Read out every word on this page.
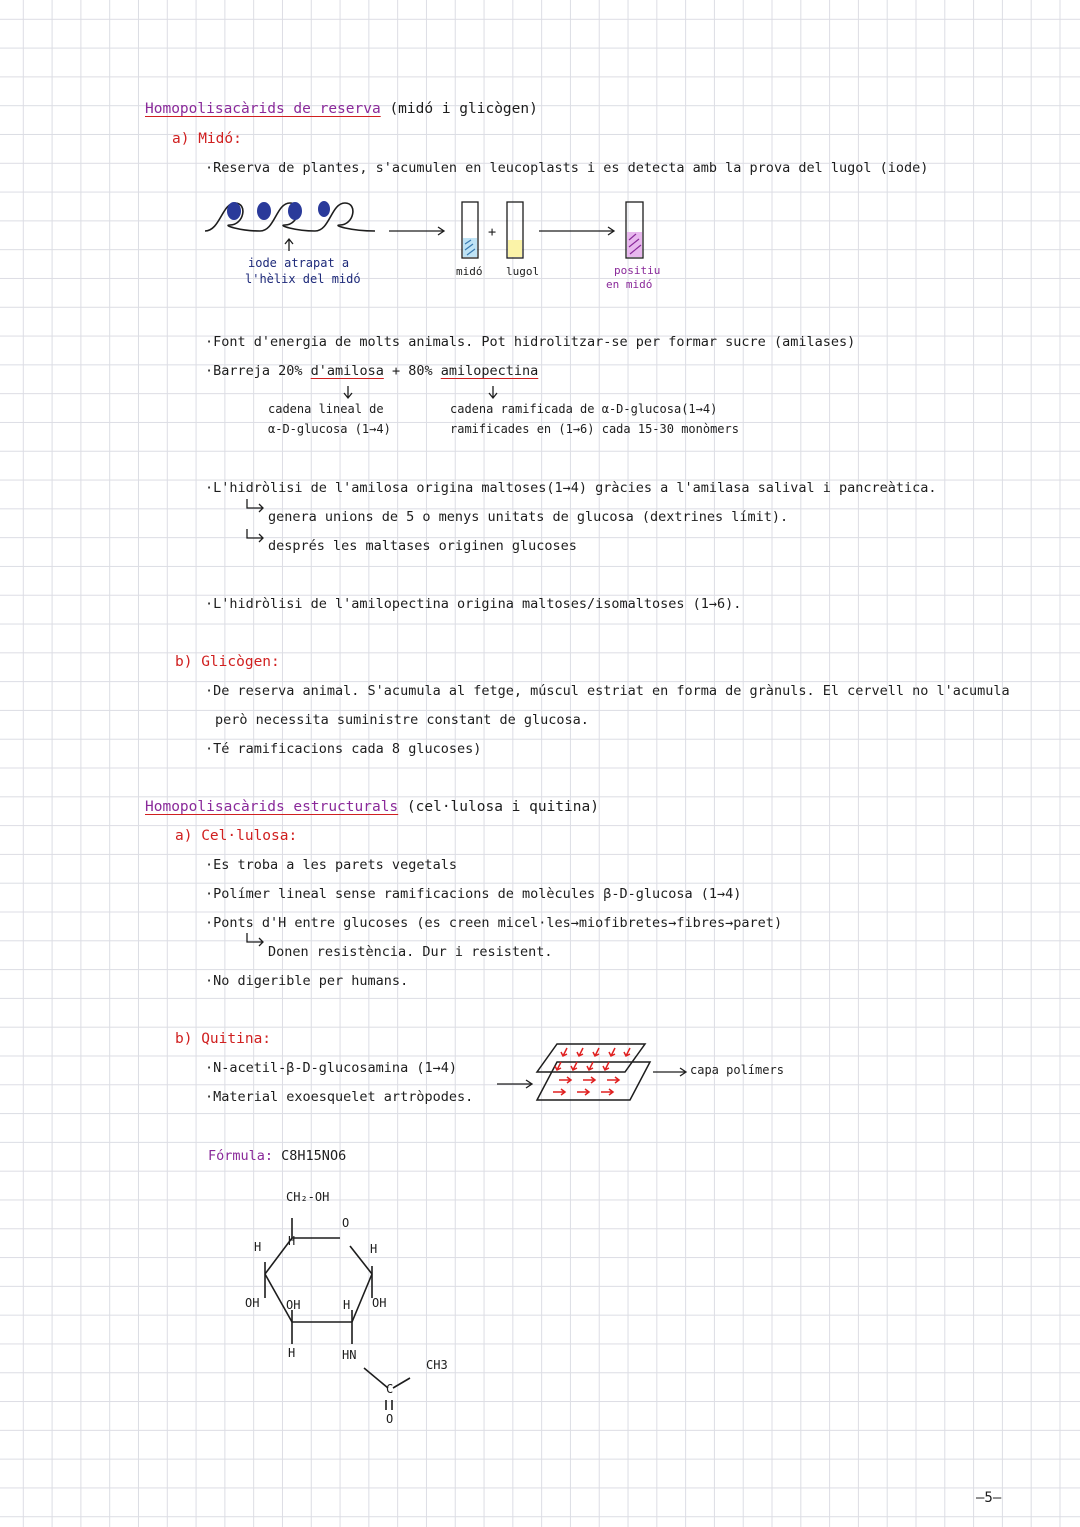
Homopolisacàrids de reserva (midó i glicògen)
a) Midó:
·Reserva de plantes, s'acumulen en leucoplasts i es detecta amb la prova del lugol (iode)
iode atrapat a
l'hèlix del midó
+
midó lugol	positiu
en midó
·Font d'energia de molts animals. Pot hidrolitzar-se per formar sucre (amilases)
·Barreja 20% d'amilosa + 80% amilopectina
cadena lineal de
α-D-glucosa (1→4)
cadena ramificada de α-D-glucosa(1→4)
ramificades en (1→6) cada 15-30 monòmers
·L'hidròlisi de l'amilosa origina maltoses(1→4) gràcies a l'amilasa salival i pancreàtica.
genera unions de 5 o menys unitats de glucosa (dextrines límit).
després les maltases originen glucoses
·L'hidròlisi de l'amilopectina origina maltoses/isomaltoses (1→6).
b) Glicògen:
·De reserva animal. S'acumula al fetge, múscul estriat en forma de grànuls. El cervell no l'acumula
però necessita suministre constant de glucosa.
·Té ramificacions cada 8 glucoses)
Homopolisacàrids estructurals (cel·lulosa i quitina)
a) Cel·lulosa:
·Es troba a les parets vegetals
·Polímer lineal sense ramificacions de molècules β-D-glucosa (1→4)
·Ponts d'H entre glucoses (es creen micel·les→miofibretes→fibres→paret)
Donen resistència. Dur i resistent.
·No digerible per humans.
b) Quitina:
·N-acetil-β-D-glucosamina (1→4)
·Material exoesquelet artròpodes.
capa polímers
Fórmula: C8H15NO6
CH₂-OH
O
H H
H
OH OH	H OH
H	HN
CH3
C
O
—5—
